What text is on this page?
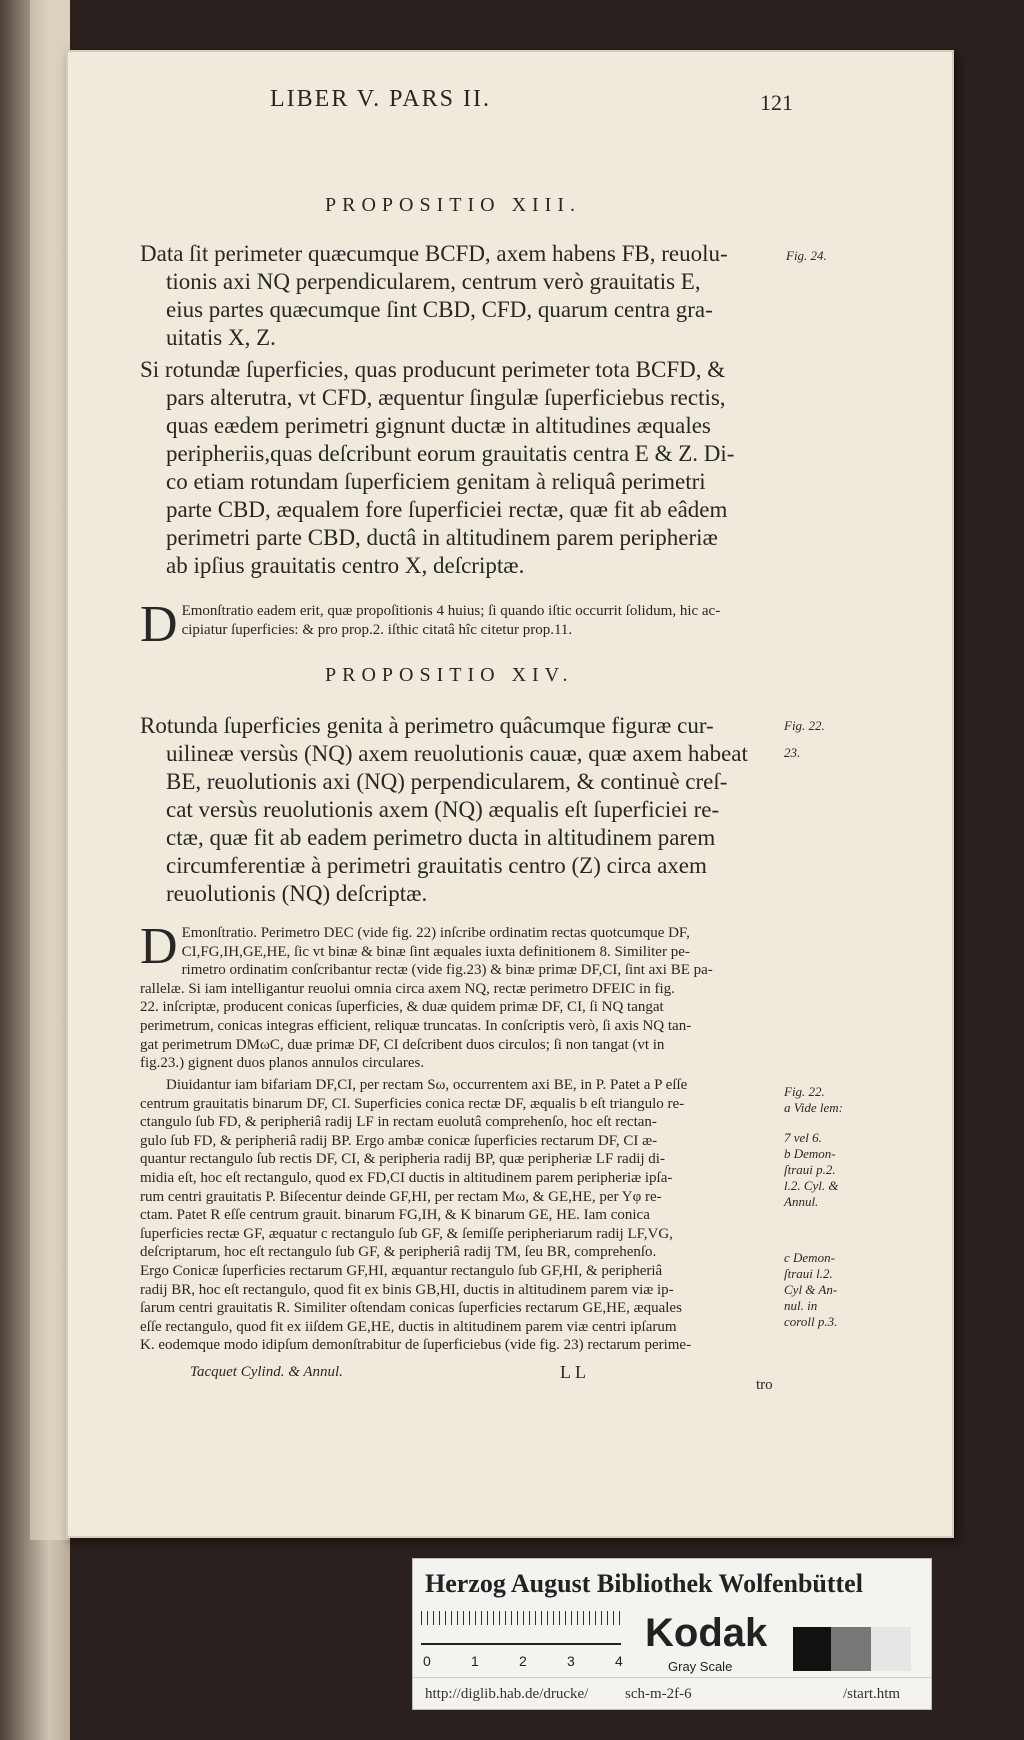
LIBER V. PARS II.	121
PROPOSITIO XIII.

Data ſit perimeter quæcumque BCFD, axem habens FB, reuolu-

tionis axi NQ perpendicularem, centrum verò grauitatis E,

eius partes quæcumque ſint CBD, CFD, quarum centra gra-

uitatis X, Z.

Fig. 24.

Si rotundæ ſuperficies, quas producunt perimeter tota BCFD, &

pars alterutra, vt CFD, æquentur ſingulæ ſuperficiebus rectis,

quas eædem perimetri gignunt ductæ in altitudines æquales

peripheriis,quas deſcribunt eorum grauitatis centra E & Z. Di-

co etiam rotundam ſuperficiem genitam à reliquâ perimetri

parte CBD, æqualem fore ſuperficiei rectæ, quæ fit ab eâdem

perimetri parte CBD, ductâ in altitudinem parem peripheriæ

ab ipſius grauitatis centro X, deſcriptæ.

D Emonſtratio eadem erit, quæ propoſitionis 4 huius; ſi quando iſtic occurrit ſolidum, hic ac-

cipiatur ſuperficies: & pro prop.2. iſthic citatâ hîc citetur prop.11.

PROPOSITIO XIV.

Rotunda ſuperficies genita à perimetro quâcumque figuræ cur-

uilineæ versùs (NQ) axem reuolutionis cauæ, quæ axem habeat

BE, reuolutionis axi (NQ) perpendicularem, & continuè creſ-

cat versùs reuolutionis axem (NQ) æqualis eſt ſuperficiei re-

ctæ, quæ fit ab eadem perimetro ducta in altitudinem parem

circumferentiæ à perimetri grauitatis centro (Z) circa axem

reuolutionis (NQ) deſcriptæ.

Fig. 22.
23.
D Emonſtratio. Perimetro DEC (vide fig. 22) inſcribe ordinatim rectas quotcumque DF,

CI,FG,IH,GE,HE, ſic vt binæ & binæ ſint æquales iuxta definitionem 8. Similiter pe-

rimetro ordinatim conſcribantur rectæ (vide fig.23) & binæ primæ DF,CI, ſint axi BE pa-

rallelæ. Si iam intelligantur reuolui omnia circa axem NQ, rectæ perimetro DFEIC in fig.

22. inſcriptæ, producent conicas ſuperficies, & duæ quidem primæ DF, CI, ſi NQ tangat

perimetrum, conicas integras efficient, reliquæ truncatas. In conſcriptis verò, ſi axis NQ tan-

gat perimetrum DMωC, duæ primæ DF, CI deſcribent duos circulos; ſi non tangat (vt in

fig.23.) gignent duos planos annulos circulares.

Diuidantur iam bifariam DF,CI, per rectam Sω, occurrentem axi BE, in P. Patet a P eſſe

centrum grauitatis binarum DF, CI. Superficies conica rectæ DF, æqualis b eſt triangulo re-

ctangulo ſub FD, & peripheriâ radij LF in rectam euolutâ comprehenſo, hoc eſt rectan-

gulo ſub FD, & peripheriâ radij BP. Ergo ambæ conicæ ſuperficies rectarum DF, CI æ-

quantur rectangulo ſub rectis DF, CI, & peripheria radij BP, quæ peripheriæ LF radij di-

midia eſt, hoc eſt rectangulo, quod ex FD,CI ductis in altitudinem parem peripheriæ ipſa-

rum centri grauitatis P. Biſecentur deinde GF,HI, per rectam Mω, & GE,HE, per Yφ re-

ctam. Patet R eſſe centrum grauit. binarum FG,IH, & K binarum GE, HE. Iam conica

ſuperficies rectæ GF, æquatur c rectangulo ſub GF, & ſemiſſe peripheriarum radij LF,VG,

deſcriptarum, hoc eſt rectangulo ſub GF, & peripheriâ radij TM, ſeu BR, comprehenſo.

Ergo Conicæ ſuperficies rectarum GF,HI, æquantur rectangulo ſub GF,HI, & peripheriâ

radij BR, hoc eſt rectangulo, quod fit ex binis GB,HI, ductis in altitudinem parem viæ ip-

ſarum centri grauitatis R. Similiter oſtendam conicas ſuperficies rectarum GE,HE, æquales

eſſe rectangulo, quod fit ex iiſdem GE,HE, ductis in altitudinem parem viæ centri ipſarum

K. eodemque modo idipſum demonſtrabitur de ſuperficiebus (vide fig. 23) rectarum perime-

Fig. 22.
a Vide lem:
7 vel 6.
b Demon-
ſtraui p.2.
l.2. Cyl. &
Annul.
c Demon-
ſtraui l.2.
Cyl & An-
nul. in
coroll p.3.
Tacquet Cylind. & Annul.	LL
tro
Herzog August Bibliothek Wolfenbüttel
0	1	2	3	4
Kodak
Gray Scale
http://diglib.hab.de/drucke/ sch-m-2f-6	/start.htm
